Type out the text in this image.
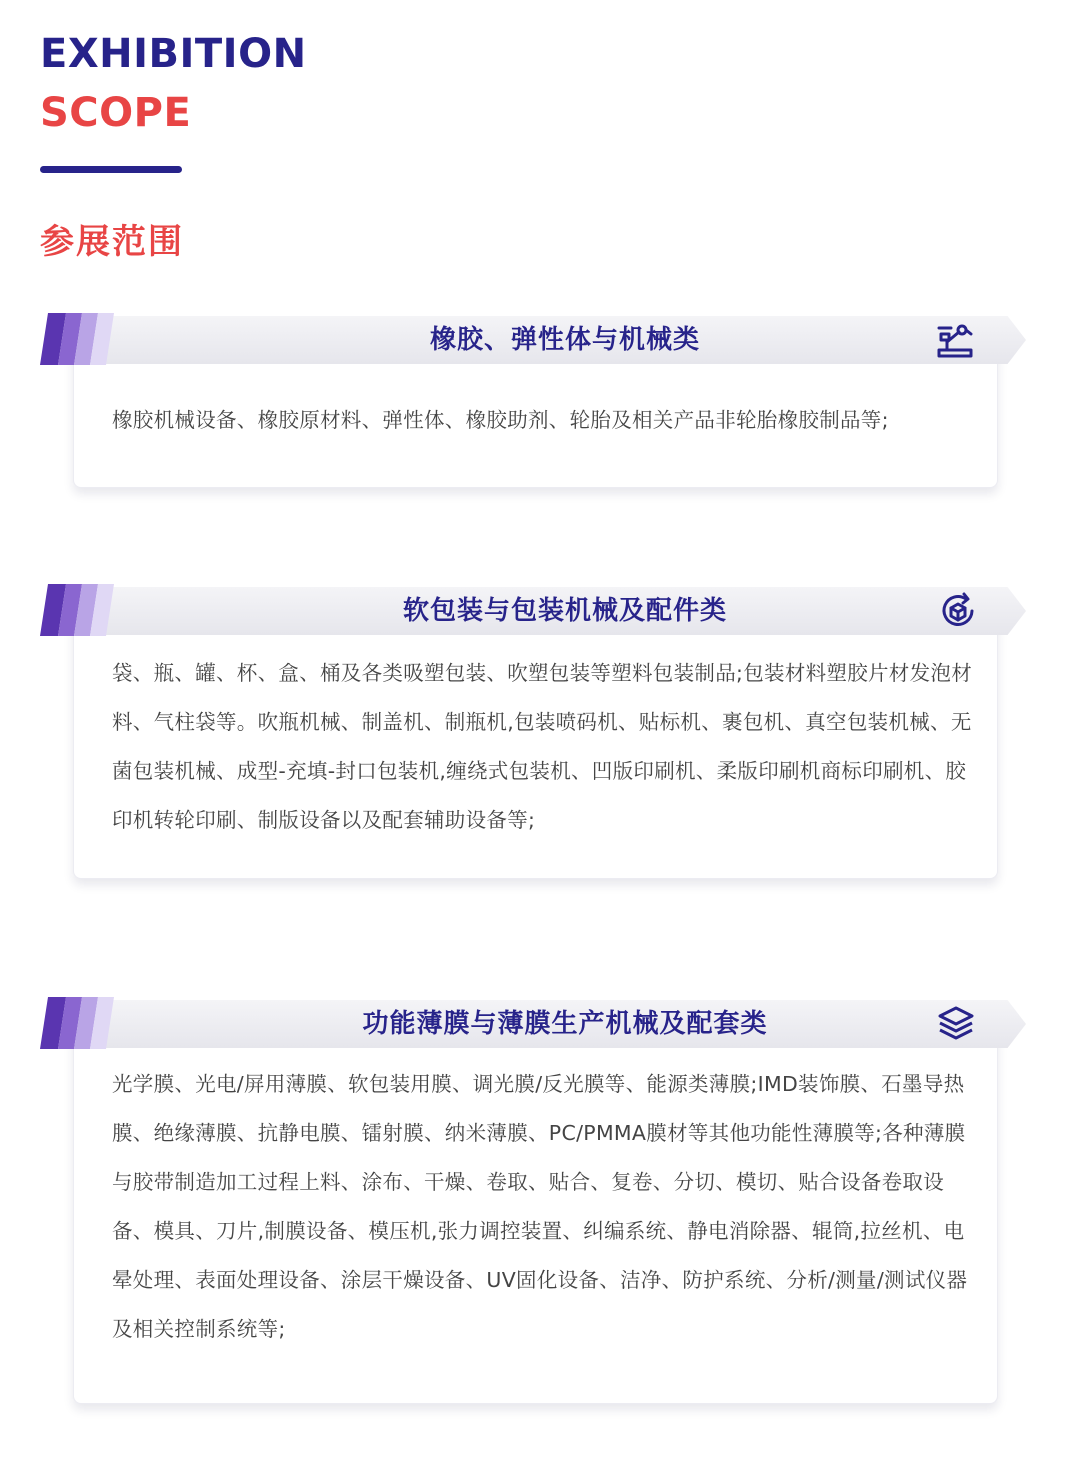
EXHIBITION
SCOPE
参展范围
橡胶、弹性体与机械类

橡胶机械设备、橡胶原材料、弹性体、橡胶助剂、轮胎及相关产品非轮胎橡胶制品等;

软包装与包装机械及配件类

袋、瓶、罐、杯、盒、桶及各类吸塑包装、吹塑包装等塑料包装制品;包装材料塑胶片材发泡材料、气柱袋等。吹瓶机械、制盖机、制瓶机,包装喷码机、贴标机、裹包机、真空包装机械、无菌包装机械、成型-充填-封口包装机,缠绕式包装机、凹版印刷机、柔版印刷机商标印刷机、胶印机转轮印刷、制版设备以及配套辅助设备等;

功能薄膜与薄膜生产机械及配套类

光学膜、光电/屏用薄膜、软包装用膜、调光膜/反光膜等、能源类薄膜;IMD装饰膜、石墨导热膜、绝缘薄膜、抗静电膜、镭射膜、纳米薄膜、PC/PMMA膜材等其他功能性薄膜等;各种薄膜与胶带制造加工过程上料、涂布、干燥、卷取、贴合、复卷、分切、模切、贴合设备卷取设备、模具、刀片,制膜设备、模压机,张力调控装置、纠编系统、静电消除器、辊筒,拉丝机、电晕处理、表面处理设备、涂层干燥设备、UV固化设备、洁净、防护系统、分析/测量/测试仪器及相关控制系统等;
